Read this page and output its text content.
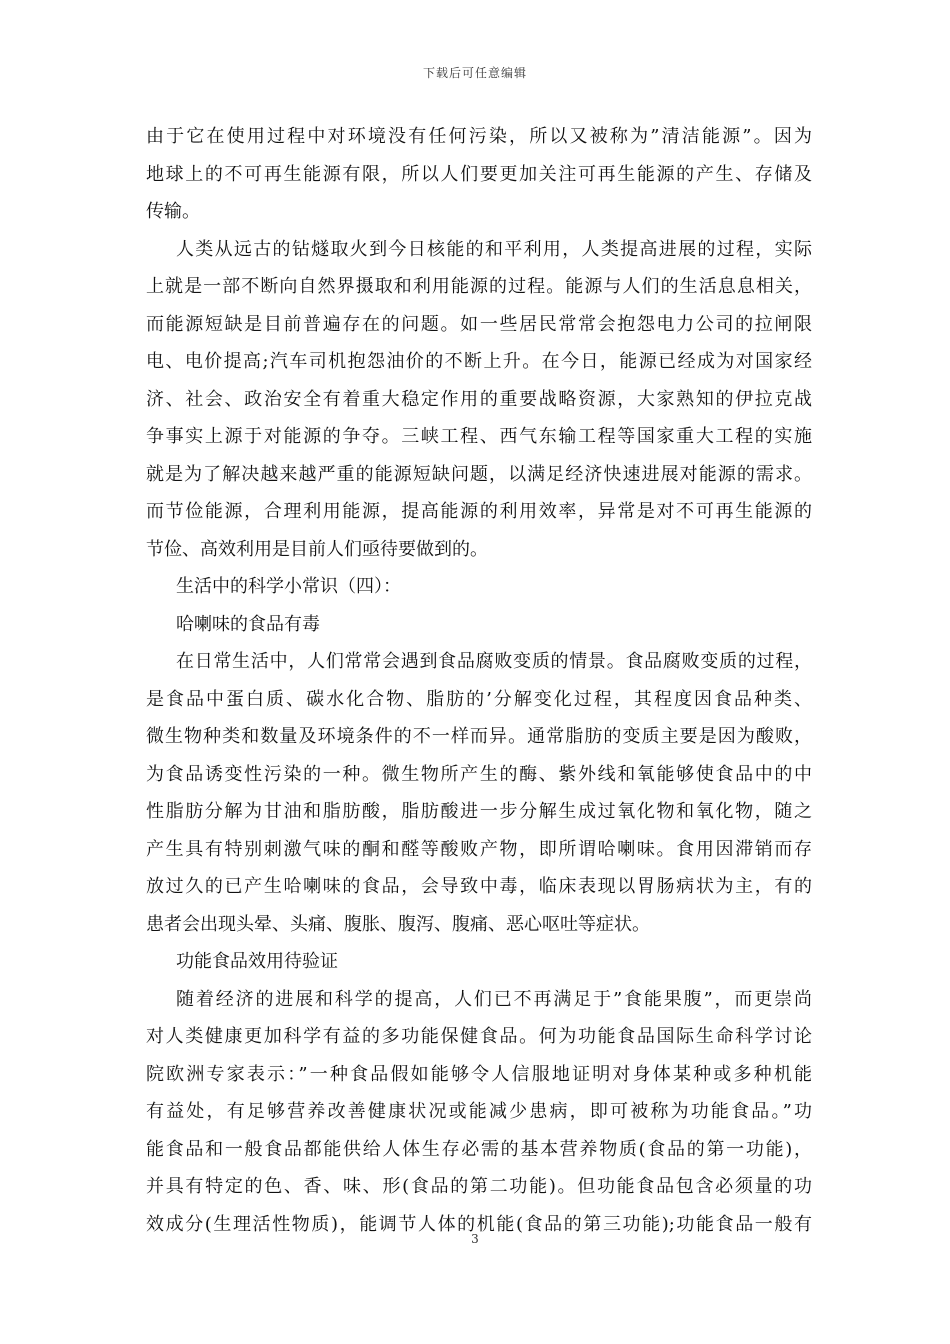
下载后可任意编辑
由于它在使用过程中对环境没有任何污染，所以又被称为”清洁能源”。因为
地球上的不可再生能源有限，所以人们要更加关注可再生能源的产生、存储及
传输。
人类从远古的钻燧取火到今日核能的和平利用，人类提高进展的过程，实际
上就是一部不断向自然界摄取和利用能源的过程。能源与人们的生活息息相关，
而能源短缺是目前普遍存在的问题。如一些居民常常会抱怨电力公司的拉闸限
电、电价提高;汽车司机抱怨油价的不断上升。在今日，能源已经成为对国家经
济、社会、政治安全有着重大稳定作用的重要战略资源，大家熟知的伊拉克战
争事实上源于对能源的争夺。三峡工程、西气东输工程等国家重大工程的实施
就是为了解决越来越严重的能源短缺问题，以满足经济快速进展对能源的需求。
而节俭能源，合理利用能源，提高能源的利用效率，异常是对不可再生能源的
节俭、高效利用是目前人们亟待要做到的。
生活中的科学小常识（四）：
哈喇味的食品有毒
在日常生活中，人们常常会遇到食品腐败变质的情景。食品腐败变质的过程，
是食品中蛋白质、碳水化合物、脂肪的’分解变化过程，其程度因食品种类、
微生物种类和数量及环境条件的不一样而异。通常脂肪的变质主要是因为酸败，
为食品诱变性污染的一种。微生物所产生的酶、紫外线和氧能够使食品中的中
性脂肪分解为甘油和脂肪酸，脂肪酸进一步分解生成过氧化物和氧化物，随之
产生具有特别刺激气味的酮和醛等酸败产物，即所谓哈喇味。食用因滞销而存
放过久的已产生哈喇味的食品，会导致中毒，临床表现以胃肠病状为主，有的
患者会出现头晕、头痛、腹胀、腹泻、腹痛、恶心呕吐等症状。
功能食品效用待验证
随着经济的进展和科学的提高，人们已不再满足于”食能果腹”，而更崇尚
对人类健康更加科学有益的多功能保健食品。何为功能食品国际生命科学讨论
院欧洲专家表示：”一种食品假如能够令人信服地证明对身体某种或多种机能
有益处，有足够营养改善健康状况或能减少患病，即可被称为功能食品。”功
能食品和一般食品都能供给人体生存必需的基本营养物质(食品的第一功能)，
并具有特定的色、香、味、形(食品的第二功能)。但功能食品包含必须量的功
效成分(生理活性物质)，能调节人体的机能(食品的第三功能);功能食品一般有
3
